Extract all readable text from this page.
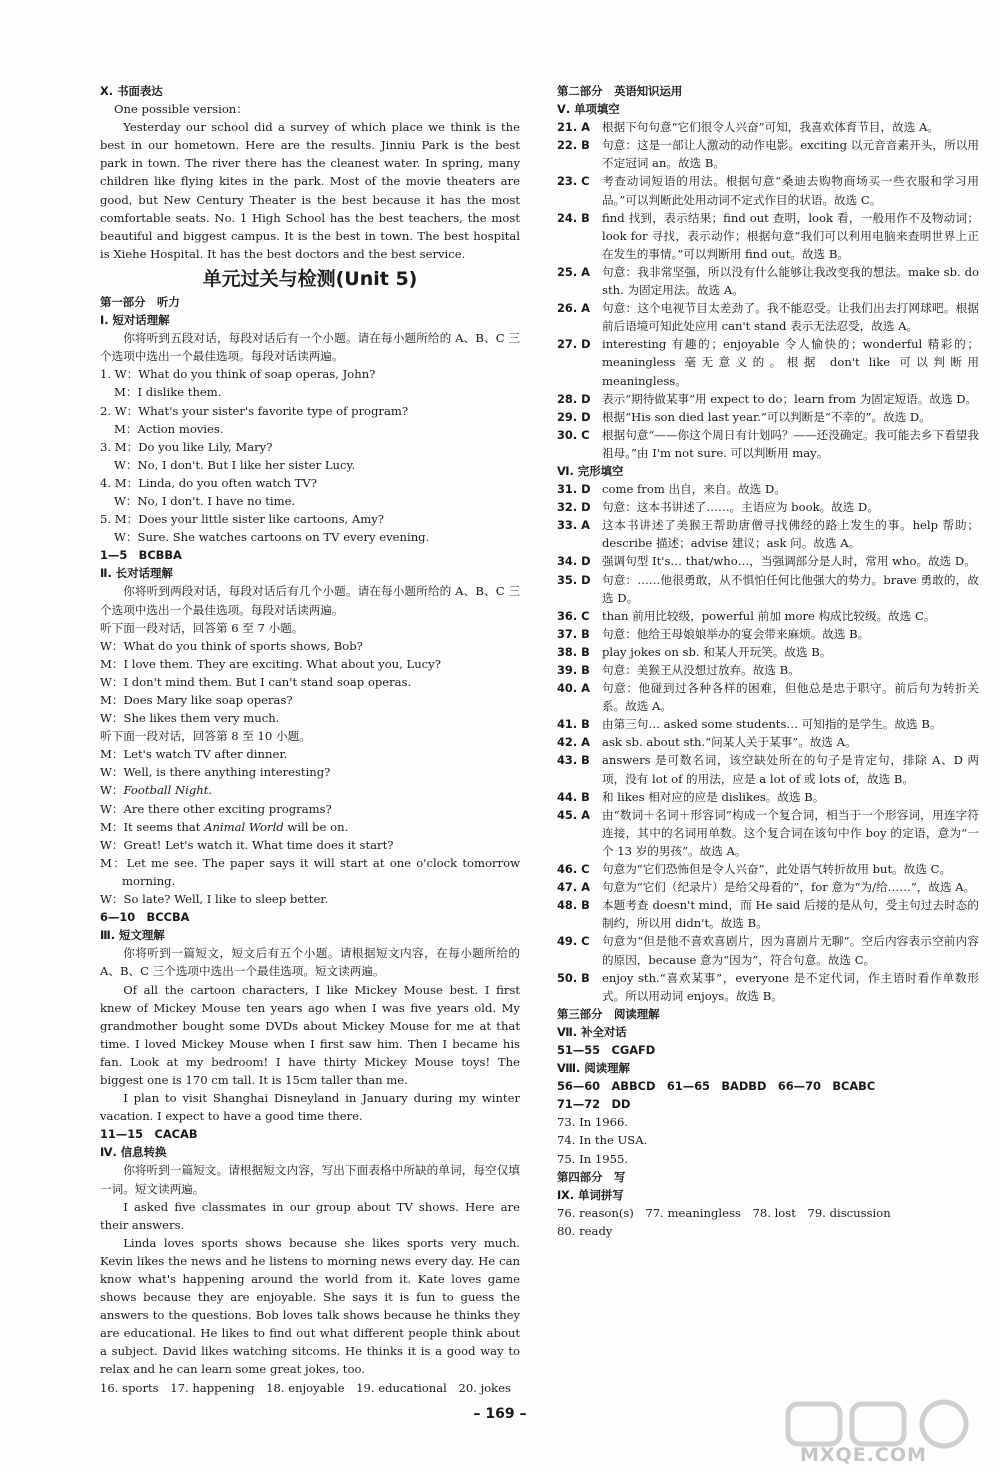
Ⅹ. 书面表达

One possible version：

Yesterday our school did a survey of which place we think is the best in our hometown. Here are the results. Jinniu Park is the best park in town. The river there has the cleanest water. In spring, many children like flying kites in the park. Most of the movie theaters are good, but New Century Theater is the best because it has the most comfortable seats. No. 1 High School has the best teachers, the most beautiful and biggest campus. It is the best in town. The best hospital is Xiehe Hospital. It has the best doctors and the best service.

单元过关与检测(Unit 5)

第一部分　听力

Ⅰ. 短对话理解

你将听到五段对话，每段对话后有一个小题。请在每小题所给的 A、B、C 三个选项中选出一个最佳选项。每段对话读两遍。

1. W：What do you think of soap operas, John?

M：I dislike them.

2. W：What's your sister's favorite type of program?

M：Action movies.

3. M：Do you like Lily, Mary?

W：No, I don't. But I like her sister Lucy.

4. M：Linda, do you often watch TV?

W：No, I don't. I have no time.

5. M：Does your little sister like cartoons, Amy?

W：Sure. She watches cartoons on TV every evening.

1—5　BCBBA

Ⅱ. 长对话理解

你将听到两段对话，每段对话后有几个小题。请在每小题所给的 A、B、C 三个选项中选出一个最佳选项。每段对话读两遍。

听下面一段对话，回答第 6 至 7 小题。

W：What do you think of sports shows, Bob?

M：I love them. They are exciting. What about you, Lucy?

W：I don't mind them. But I can't stand soap operas.

M：Does Mary like soap operas?

W：She likes them very much.

听下面一段对话，回答第 8 至 10 小题。

M：Let's watch TV after dinner.

W：Well, is there anything interesting?

W：Football Night.

W：Are there other exciting programs?

M：It seems that Animal World will be on.

W：Great! Let's watch it. What time does it start?

M：Let me see. The paper says it will start at one o'clock tomorrow morning.

W：So late? Well, I like to sleep better.

6—10　BCCBA

Ⅲ. 短文理解

你将听到一篇短文，短文后有五个小题。请根据短文内容，在每小题所给的 A、B、C 三个选项中选出一个最佳选项。短文读两遍。

Of all the cartoon characters, I like Mickey Mouse best. I first knew of Mickey Mouse ten years ago when I was five years old. My grandmother bought some DVDs about Mickey Mouse for me at that time. I loved Mickey Mouse when I first saw him. Then I became his fan. Look at my bedroom! I have thirty Mickey Mouse toys! The biggest one is 170 cm tall. It is 15cm taller than me.

I plan to visit Shanghai Disneyland in January during my winter vacation. I expect to have a good time there.

11—15　CACAB

Ⅳ. 信息转换

你将听到一篇短文。请根据短文内容，写出下面表格中所缺的单词，每空仅填一词。短文读两遍。

I asked five classmates in our group about TV shows. Here are their answers.

Linda loves sports shows because she likes sports very much. Kevin likes the news and he listens to morning news every day. He can know what's happening around the world from it. Kate loves game shows because they are enjoyable. She says it is fun to guess the answers to the questions. Bob loves talk shows because he thinks they are educational. He likes to find out what different people think about a subject. David likes watching sitcoms. He thinks it is a good way to relax and he can learn some great jokes, too.

16. sports　17. happening　18. enjoyable　19. educational　20. jokes

第二部分　英语知识运用

Ⅴ. 单项填空

21. A	根据下句句意“它们很令人兴奋”可知，我喜欢体育节目，故选 A。
22. B	句意：这是一部让人激动的动作电影。exciting 以元音音素开头，所以用不定冠词 an。故选 B。
23. C	考查动词短语的用法。根据句意“桑迪去购物商场买一些衣服和学习用品。”可以判断此处用动词不定式作目的状语。故选 C。
24. B	find 找到，表示结果；find out 查明，look 看，一般用作不及物动词；look for 寻找，表示动作；根据句意“我们可以利用电脑来查明世界上正在发生的事情。”可以判断用 find out。故选 B。
25. A	句意：我非常坚强，所以没有什么能够让我改变我的想法。make sb. do sth. 为固定用法。故选 A。
26. A	句意：这个电视节目太差劲了。我不能忍受。让我们出去打网球吧。根据前后语境可知此处应用 can't stand 表示无法忍受，故选 A。
27. D interesting 有趣的；enjoyable 令人愉快的；wonderful 精彩的；meaningless 毫无意义的。根据 don't like 可以判断用 meaningless。
28. D 表示“期待做某事”用 expect to do；learn from 为固定短语。故选 D。
29. D 根据“His son died last year.”可以判断是“不幸的”。故选 D。
30. C	根据句意“——你这个周日有计划吗？——还没确定。我可能去乡下看望我祖母。”由 I'm not sure. 可以判断用 may。

Ⅵ. 完形填空

31. D come from 出自，来自。故选 D。
32. D 句意：这本书讲述了……。主语应为 book。故选 D。
33. A	这本书讲述了美猴王帮助唐僧寻找佛经的路上发生的事。help 帮助；describe 描述；advise 建议；ask 问。故选 A。
34. D 强调句型 It's… that/who…，当强调部分是人时，常用 who。故选 D。
35. D 句意：……他很勇敢，从不惧怕任何比他强大的势力。brave 勇敢的，故选 D。
36. C	than 前用比较级，powerful 前加 more 构成比较级。故选 C。
37. B	句意：他给王母娘娘举办的宴会带来麻烦。故选 B。
38. B	play jokes on sb. 和某人开玩笑。故选 B。
39. B	句意：美猴王从没想过放弃。故选 B。
40. A	句意：他碰到过各种各样的困难，但他总是忠于职守。前后句为转折关系。故选 A。
41. B	由第三句… asked some students… 可知指的是学生。故选 B。
42. A	ask sb. about sth.“问某人关于某事”。故选 A。
43. B	answers 是可数名词，该空缺处所在的句子是肯定句，排除 A、D 两项，没有 lot of 的用法，应是 a lot of 或 lots of，故选 B。
44. B	和 likes 相对应的应是 dislikes。故选 B。
45. A	由“数词＋名词＋形容词”构成一个复合词，相当于一个形容词，用连字符连接，其中的名词用单数。这个复合词在该句中作 boy 的定语，意为“一个 13 岁的男孩”。故选 A。
46. C	句意为“它们恐怖但是令人兴奋”，此处语气转折故用 but。故选 C。
47. A	句意为“它们（纪录片）是给父母看的”，for 意为“为/给……”，故选 A。
48. B	本题考查 doesn't mind，而 He said 后接的是从句，受主句过去时态的制约，所以用 didn't。故选 B。
49. C	句意为“但是他不喜欢喜剧片，因为喜剧片无聊”。空后内容表示空前内容的原因，because 意为“因为”，符合句意。故选 C。
50. B	enjoy sth.“喜欢某事”，everyone 是不定代词，作主语时看作单数形式。所以用动词 enjoys。故选 B。

第三部分　阅读理解

Ⅶ. 补全对话

51—55　CGAFD

Ⅷ. 阅读理解

56—60　ABBCD　61—65　BADBD　66—70　BCABC

71—72　DD

73. In 1966.

74. In the USA.

75. In 1955.

第四部分　写

Ⅸ. 单词拼写

76. reason(s)　77. meaningless　78. lost　79. discussion

80. ready

– 169 –
MXQE.COM
